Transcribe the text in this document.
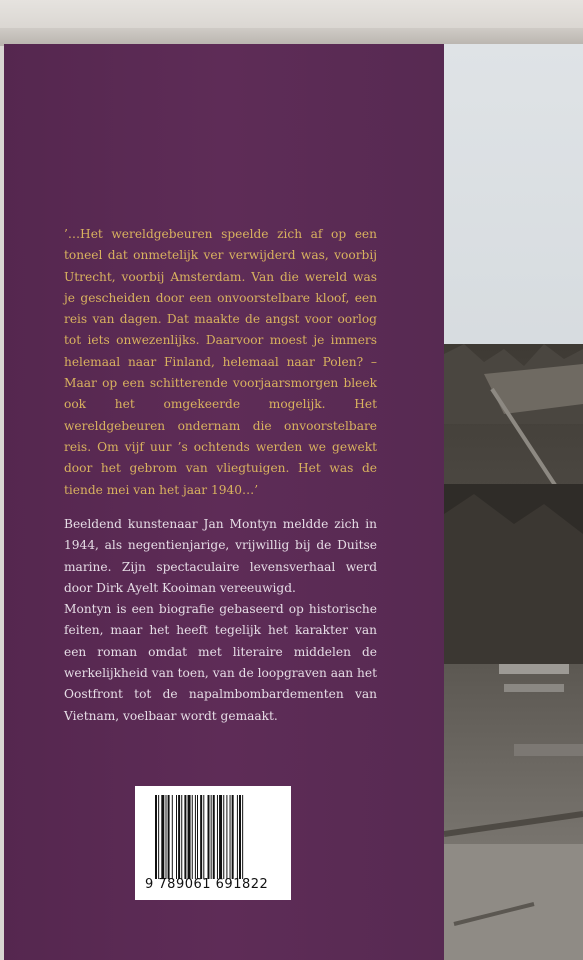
’…Het wereldgebeuren speelde zich af op een toneel dat onmetelijk ver verwijderd was, voorbij Utrecht, voorbij Amsterdam. Van die wereld was je gescheiden door een onvoorstelbare kloof, een reis van dagen. Dat maakte de angst voor oorlog tot iets onwezenlijks. Daarvoor moest je immers helemaal naar Finland, helemaal naar Polen? – Maar op een schitterende voorjaarsmorgen bleek ook het omgekeerde mogelijk. Het wereldgebeuren ondernam die onvoorstelbare reis. Om vijf uur ’s ochtends werden we gewekt door het gebrom van vliegtuigen. Het was de tiende mei van het jaar 1940…’

Beeldend kunstenaar Jan Montyn meldde zich in 1944, als negentienjarige, vrijwillig bij de Duitse marine. Zijn spectaculaire levensverhaal werd door Dirk Ayelt Kooiman vereeuwigd.

Montyn is een biografie gebaseerd op historische feiten, maar het heeft tegelijk het karakter van een roman omdat met literaire middelen de werkelijkheid van toen, van de loopgraven aan het Oostfront tot de napalmbombardementen van Vietnam, voelbaar wordt gemaakt.

9 789061 691822
